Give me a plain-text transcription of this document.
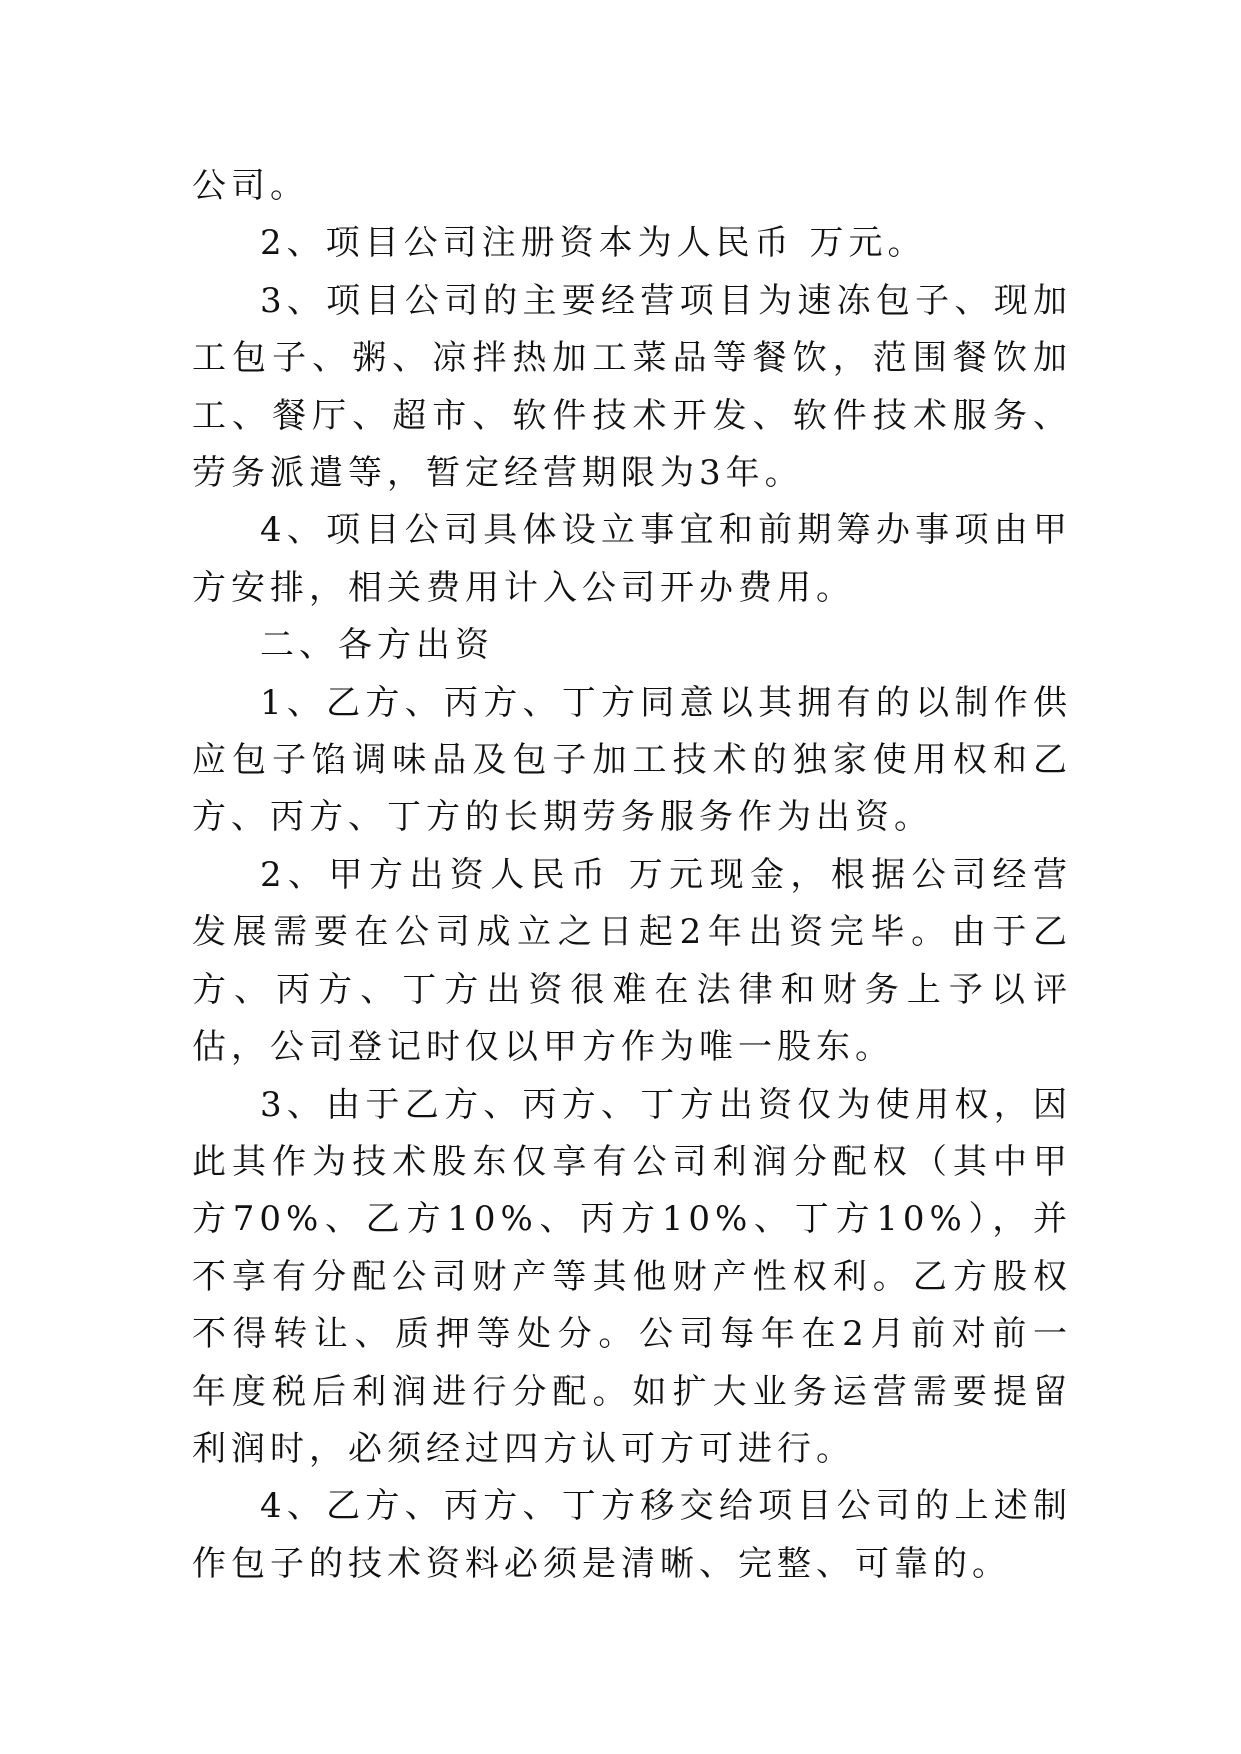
公司。

2、项目公司注册资本为人民币 万元。

3、项目公司的主要经营项目为速冻包子、现加工包子、粥、凉拌热加工菜品等餐饮，范围餐饮加工、餐厅、超市、软件技术开发、软件技术服务、劳务派遣等，暂定经营期限为3年。

4、项目公司具体设立事宜和前期筹办事项由甲方安排，相关费用计入公司开办费用。

二、各方出资

1、乙方、丙方、丁方同意以其拥有的以制作供应包子馅调味品及包子加工技术的独家使用权和乙方、丙方、丁方的长期劳务服务作为出资。

2、甲方出资人民币 万元现金，根据公司经营发展需要在公司成立之日起2年出资完毕。由于乙方、丙方、丁方出资很难在法律和财务上予以评估，公司登记时仅以甲方作为唯一股东。

3、由于乙方、丙方、丁方出资仅为使用权，因此其作为技术股东仅享有公司利润分配权（其中甲方70%、乙方10%、丙方10%、丁方10%），并不享有分配公司财产等其他财产性权利。乙方股权不得转让、质押等处分。公司每年在2月前对前一年度税后利润进行分配。如扩大业务运营需要提留利润时，必须经过四方认可方可进行。

4、乙方、丙方、丁方移交给项目公司的上述制作包子的技术资料必须是清晰、完整、可靠的。
